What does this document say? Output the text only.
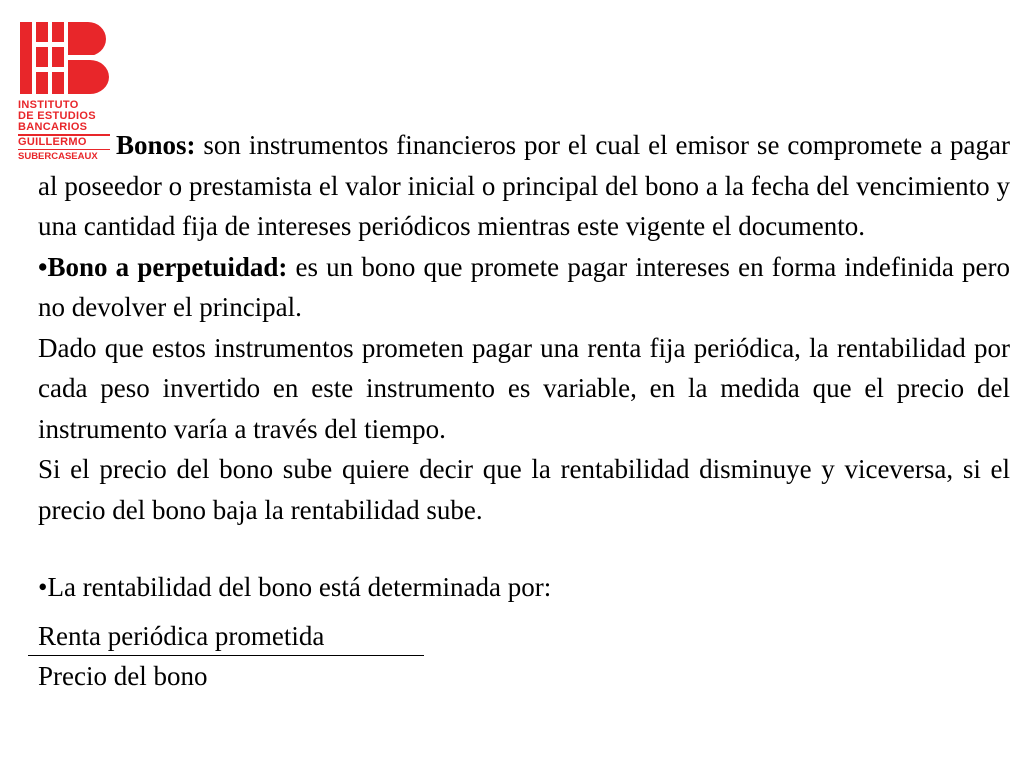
INSTITUTO
DE ESTUDIOS
BANCARIOS
GUILLERMO
SUBERCASEAUX Bonos: son instrumentos financieros por el cual el emisor se compromete a pagar al poseedor o prestamista el valor inicial o principal del bono a la fecha del vencimiento y una cantidad fija de intereses periódicos mientras este vigente el documento.

•Bono a perpetuidad: es un bono que promete pagar intereses en forma indefinida pero no devolver el principal.

Dado que estos instrumentos prometen pagar una renta fija periódica, la rentabilidad por cada peso invertido en este instrumento es variable, en la medida que el precio del instrumento varía a través del tiempo.

Si el precio del bono sube quiere decir que la rentabilidad disminuye y viceversa, si el precio del bono baja la rentabilidad sube.

•La rentabilidad del bono está determinada por:

Renta periódica prometida
Precio del bono
